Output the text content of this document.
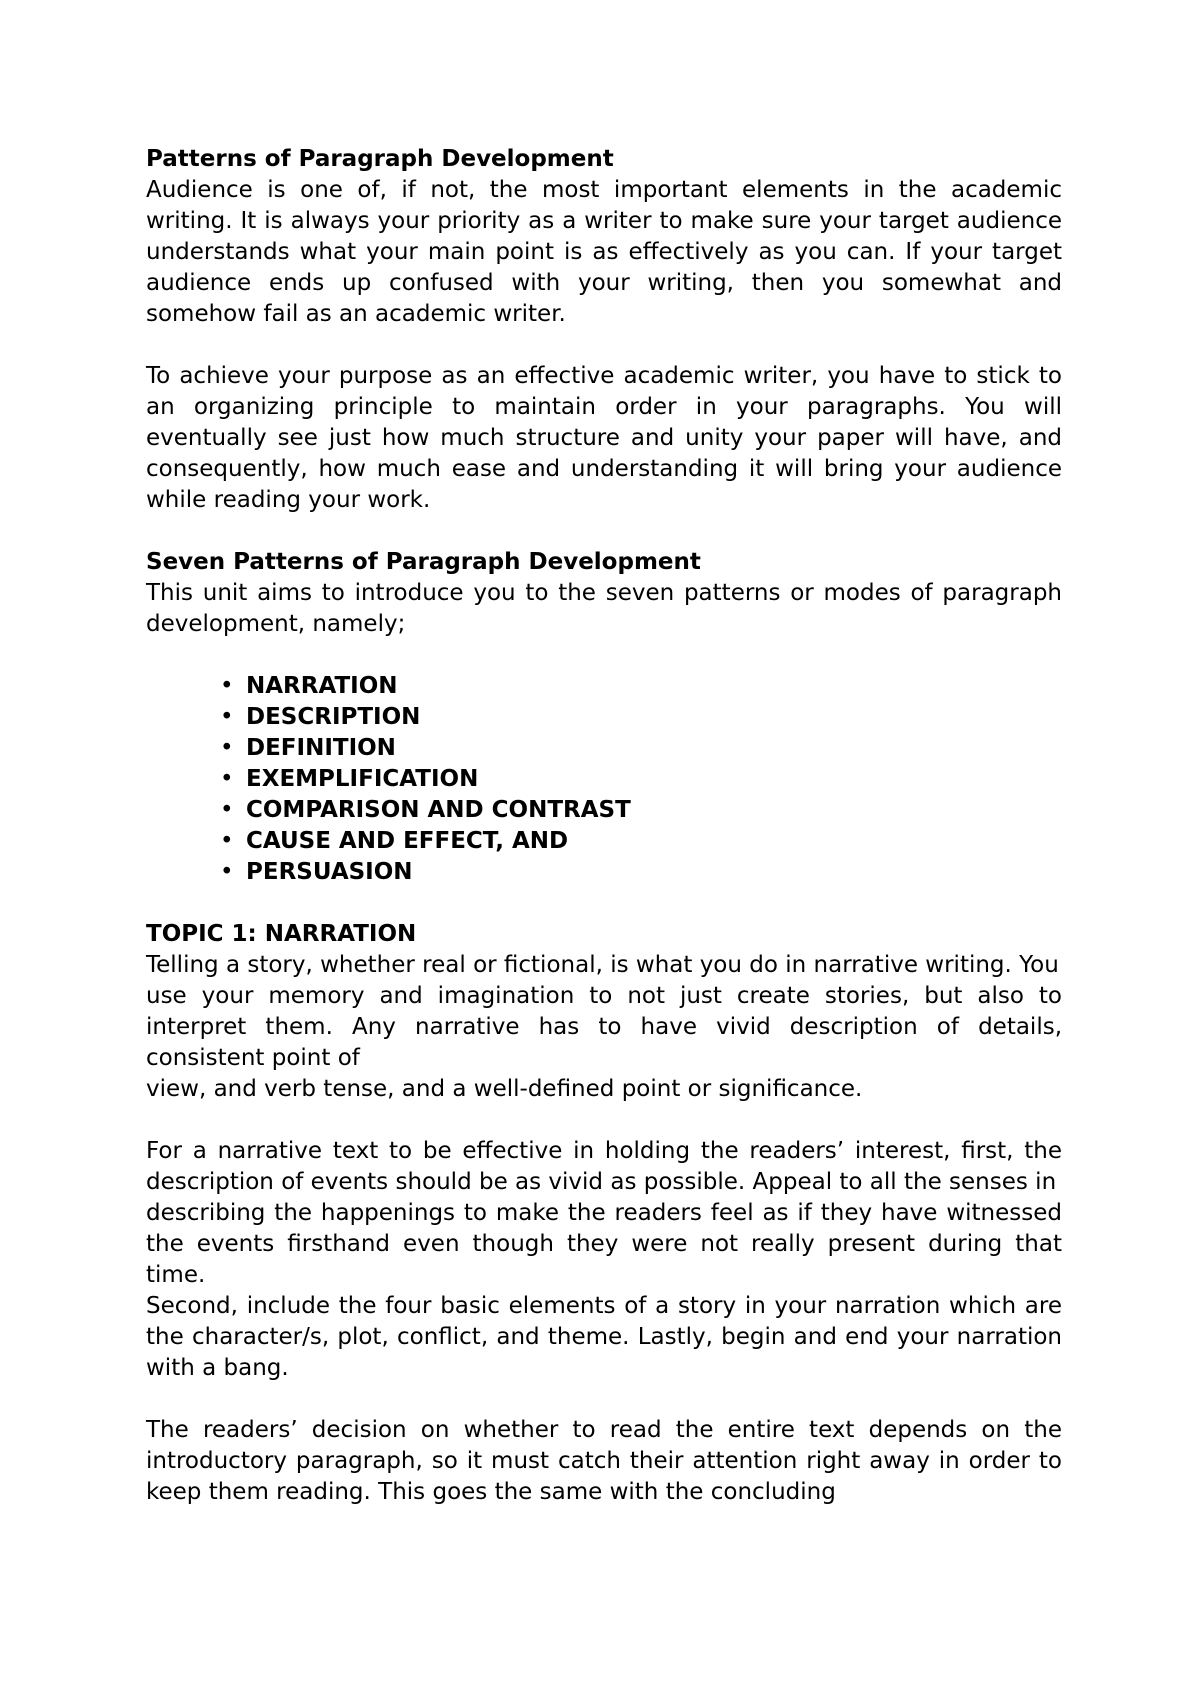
Patterns of Paragraph Development

Audience is one of, if not, the most important elements in the academic writing. It is always your priority as a writer to make sure your target audience understands what your main point is as effectively as you can. If your target audience ends up confused with your writing, then you somewhat and somehow fail as an academic writer.

To achieve your purpose as an effective academic writer, you have to stick to an organizing principle to maintain order in your paragraphs. You will eventually see just how much structure and unity your paper will have, and consequently, how much ease and understanding it will bring your audience while reading your work.

Seven Patterns of Paragraph Development

This unit aims to introduce you to the seven patterns or modes of paragraph development, namely;

• NARRATION
• DESCRIPTION
• DEFINITION
• EXEMPLIFICATION
• COMPARISON AND CONTRAST
• CAUSE AND EFFECT, AND
• PERSUASION

TOPIC 1: NARRATION

Telling a story, whether real or fictional, is what you do in narrative writing. You
use your memory and imagination to not just create stories, but also to interpret them. Any narrative has to have vivid description of details, consistent point of
view, and verb tense, and a well-defined point or significance.

For a narrative text to be effective in holding the readers’ interest, first, the description of events should be as vivid as possible. Appeal to all the senses in
describing the happenings to make the readers feel as if they have witnessed the events firsthand even though they were not really present during that time.
Second, include the four basic elements of a story in your narration which are the character/s, plot, conflict, and theme. Lastly, begin and end your narration with a bang.

The readers’ decision on whether to read the entire text depends on the introductory paragraph, so it must catch their attention right away in order to keep them reading. This goes the same with the concluding
